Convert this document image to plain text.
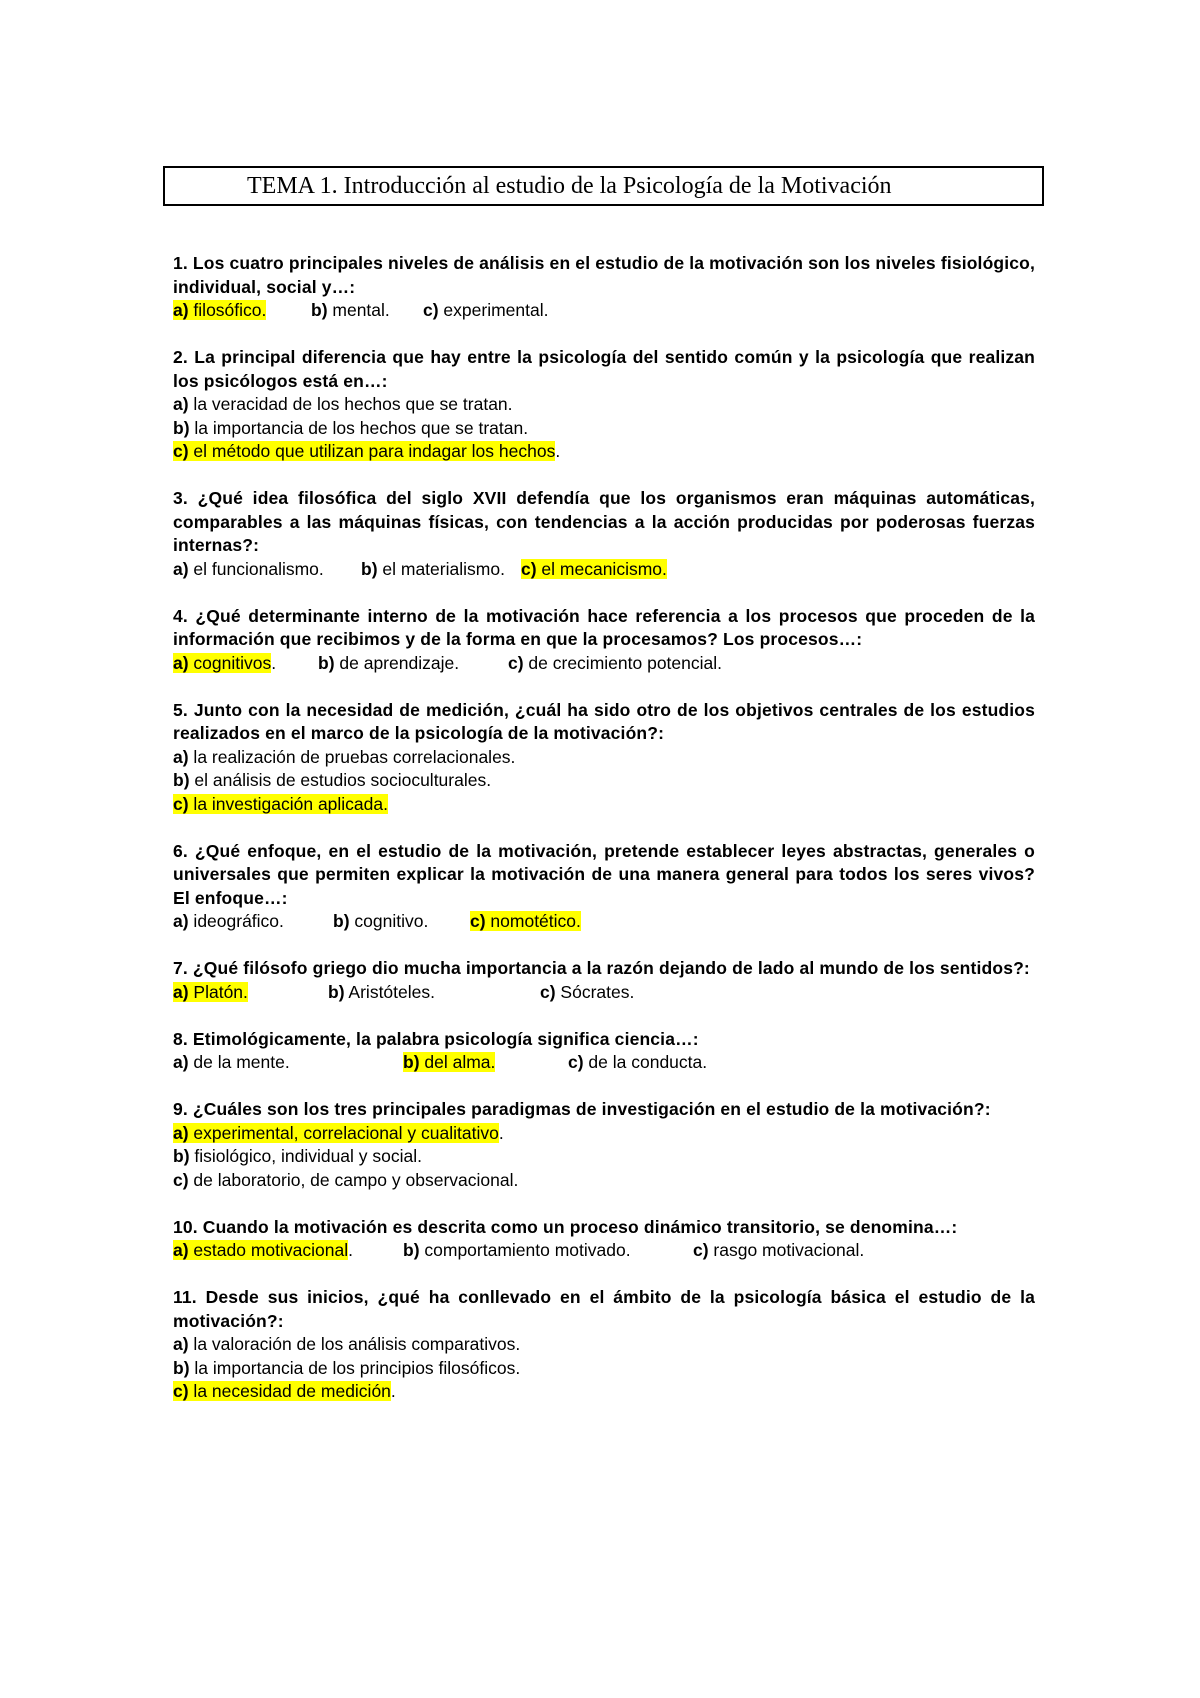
TEMA 1. Introducción al estudio de la Psicología de la Motivación
1. Los cuatro principales niveles de análisis en el estudio de la motivación son los niveles fisiológico, individual, social y…:
a) filosófico.	b) mental. c) experimental.
2. La principal diferencia que hay entre la psicología del sentido común y la psicología que realizan los psicólogos está en…:
a) la veracidad de los hechos que se tratan.
b) la importancia de los hechos que se tratan.
c) el método que utilizan para indagar los hechos.
3. ¿Qué idea filosófica del siglo XVII defendía que los organismos eran máquinas automáticas, comparables a las máquinas físicas, con tendencias a la acción producidas por poderosas fuerzas internas?:
a) el funcionalismo. b) el materialismo. c) el mecanicismo.
4. ¿Qué determinante interno de la motivación hace referencia a los procesos que proceden de la información que recibimos y de la forma en que la procesamos? Los procesos…:
a) cognitivos. b) de aprendizaje.	c) de crecimiento potencial.
5. Junto con la necesidad de medición, ¿cuál ha sido otro de los objetivos centrales de los estudios realizados en el marco de la psicología de la motivación?:
a) la realización de pruebas correlacionales.
b) el análisis de estudios socioculturales.
c) la investigación aplicada.
6. ¿Qué enfoque, en el estudio de la motivación, pretende establecer leyes abstractas, generales o universales que permiten explicar la motivación de una manera general para todos los seres vivos? El enfoque…:
a) ideográfico.	b) cognitivo. c) nomotético.
7. ¿Qué filósofo griego dio mucha importancia a la razón dejando de lado al mundo de los sentidos?:
a) Platón.	b) Aristóteles.	c) Sócrates.
8. Etimológicamente, la palabra psicología significa ciencia…:
a) de la mente.	b) del alma.	c) de la conducta.
9. ¿Cuáles son los tres principales paradigmas de investigación en el estudio de la motivación?:
a) experimental, correlacional y cualitativo.
b) fisiológico, individual y social.
c) de laboratorio, de campo y observacional.
10. Cuando la motivación es descrita como un proceso dinámico transitorio, se denomina…:
a) estado motivacional.	b) comportamiento motivado.	c) rasgo motivacional.
11. Desde sus inicios, ¿qué ha conllevado en el ámbito de la psicología básica el estudio de la motivación?:
a) la valoración de los análisis comparativos.
b) la importancia de los principios filosóficos.
c) la necesidad de medición.
